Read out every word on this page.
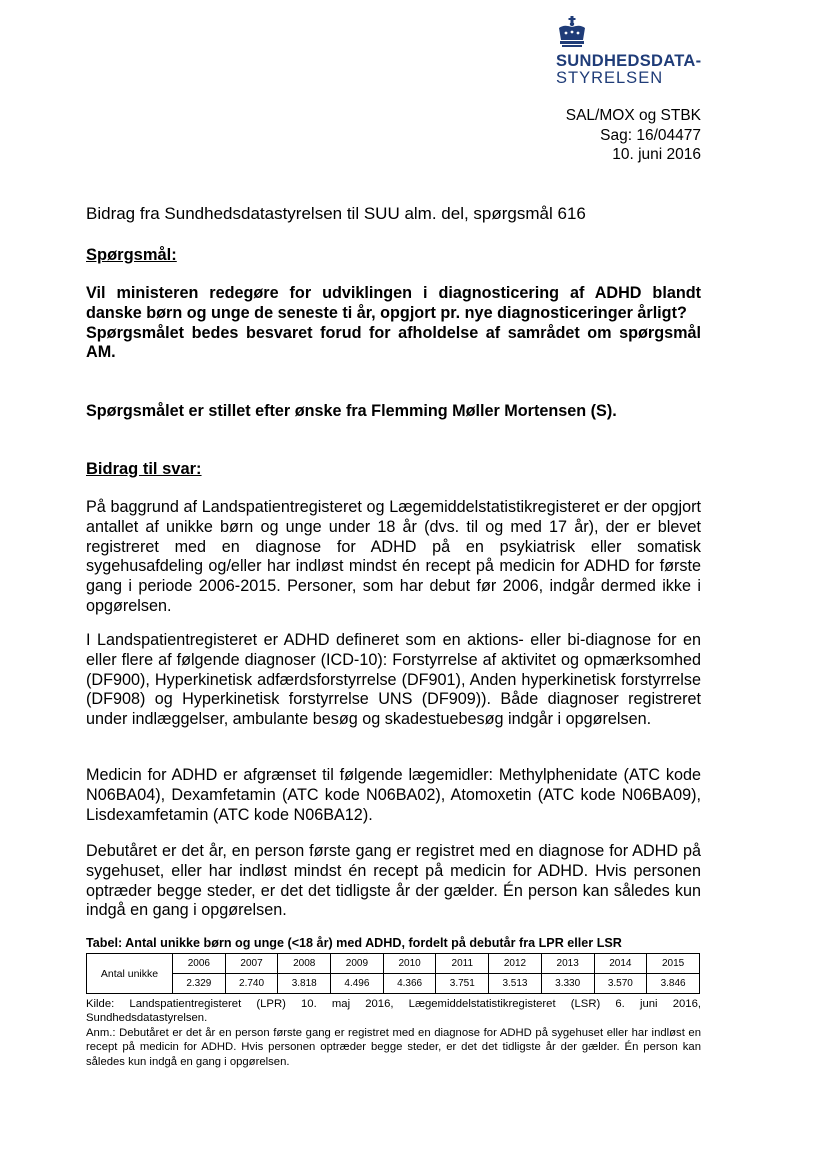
SUNDHEDSDATA-
STYRELSEN
SAL/MOX og STBK
Sag: 16/04477
10. juni 2016
Bidrag fra Sundhedsdatastyrelsen til SUU alm. del, spørgsmål 616
Spørgsmål:

Vil ministeren redegøre for udviklingen i diagnosticering af ADHD blandt danske børn og unge de seneste ti år, opgjort pr. nye diagnosticeringer årligt?

Spørgsmålet bedes besvaret forud for afholdelse af samrådet om spørgsmål AM.

Spørgsmålet er stillet efter ønske fra Flemming Møller Mortensen (S).
Bidrag til svar:

På baggrund af Landspatientregisteret og Lægemiddelstatistikregisteret er der opgjort antallet af unikke børn og unge under 18 år (dvs. til og med 17 år), der er blevet registreret med en diagnose for ADHD på en psykiatrisk eller somatisk sygehusafdeling og/eller har indløst mindst én recept på medicin for ADHD for første gang i periode 2006-2015. Personer, som har debut før 2006, indgår dermed ikke i opgørelsen.

I Landspatientregisteret er ADHD defineret som en aktions- eller bi-diagnose for en eller flere af følgende diagnoser (ICD-10): Forstyrrelse af aktivitet og opmærksomhed (DF900), Hyperkinetisk adfærdsforstyrrelse (DF901), Anden hyperkinetisk forstyrrelse (DF908) og Hyperkinetisk forstyrrelse UNS (DF909)). Både diagnoser registreret under indlæggelser, ambulante besøg og skadestuebesøg indgår i opgørelsen.

Medicin for ADHD er afgrænset til følgende lægemidler: Methylphenidate (ATC kode N06BA04), Dexamfetamin (ATC kode N06BA02), Atomoxetin (ATC kode N06BA09), Lisdexamfetamin (ATC kode N06BA12).

Debutåret er det år, en person første gang er registret med en diagnose for ADHD på sygehuset, eller har indløst mindst én recept på medicin for ADHD. Hvis personen optræder begge steder, er det det tidligste år der gælder. Én person kan således kun indgå en gang i opgørelsen.

Tabel: Antal unikke børn og unge (<18 år) med ADHD, fordelt på debutår fra LPR eller LSR
Antal unikke	2006	2007	2008	2009	2010	2011	2012	2013	2014	2015
	2.329	2.740	3.818	4.496	4.366	3.751	3.513	3.330	3.570	3.846

Kilde: Landspatientregisteret (LPR) 10. maj 2016, Lægemiddelstatistikregisteret (LSR) 6. juni 2016, Sundhedsdatastyrelsen.

Anm.: Debutåret er det år en person første gang er registret med en diagnose for ADHD på sygehuset eller har indløst en recept på medicin for ADHD. Hvis personen optræder begge steder, er det det tidligste år der gælder. Én person kan således kun indgå en gang i opgørelsen.
